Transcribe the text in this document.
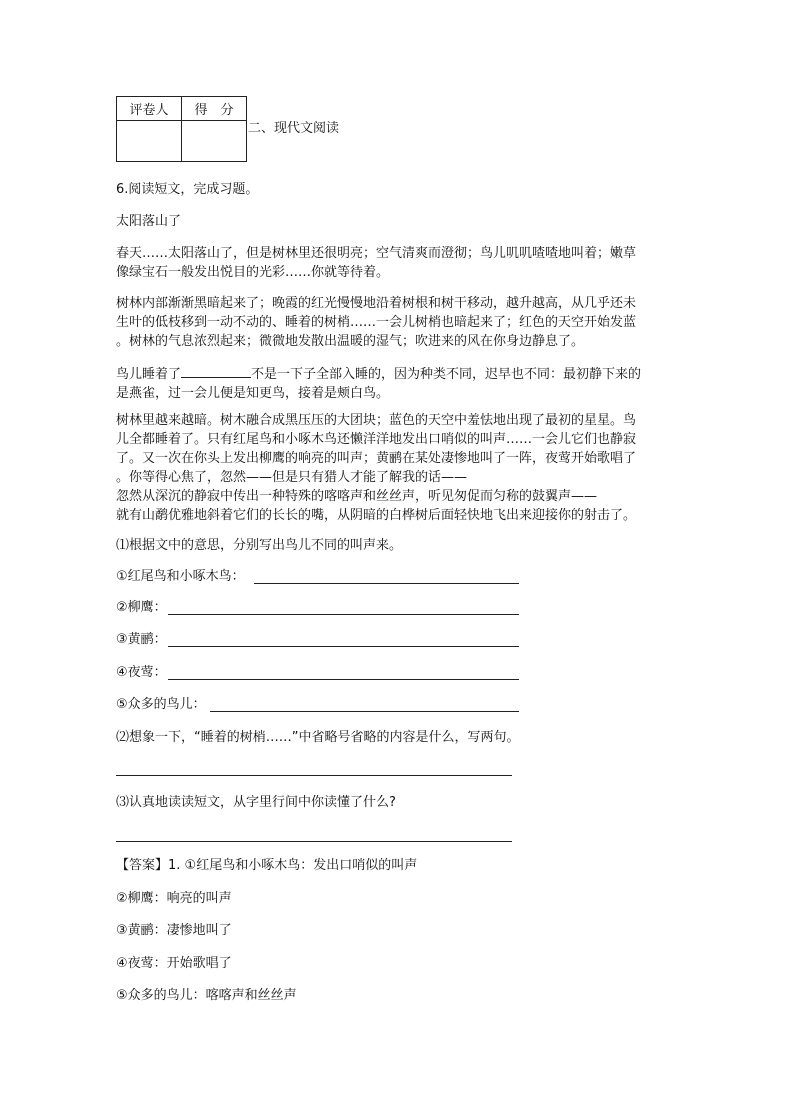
评卷人	得　分

二、现代文阅读
6.阅读短文，完成习题。
太阳落山了
春天……太阳落山了，但是树林里还很明亮；空气清爽而澄彻；鸟儿叽叽喳喳地叫着；嫩草
像绿宝石一般发出悦目的光彩……你就等待着。
树林内部渐渐黑暗起来了；晚霞的红光慢慢地沿着树根和树干移动，越升越高，从几乎还未
生叶的低枝移到一动不动的、睡着的树梢……一会儿树梢也暗起来了；红色的天空开始发蓝
。树林的气息浓烈起来；微微地发散出温暖的湿气；吹进来的风在你身边静息了。
鸟儿睡着了	不是一下子全部入睡的，因为种类不同，迟早也不同：最初静下来的
是燕雀，过一会儿便是知更鸟，接着是颊白鸟。
树林里越来越暗。树木融合成黑压压的大团块；蓝色的天空中羞怯地出现了最初的星星。鸟
儿全都睡着了。只有红尾鸟和小啄木鸟还懒洋洋地发出口哨似的叫声……一会儿它们也静寂
了。又一次在你头上发出柳鹰的响亮的叫声；黄鹂在某处凄惨地叫了一阵，夜莺开始歌唱了
。你等得心焦了，忽然——但是只有猎人才能了解我的话——
忽然从深沉的静寂中传出一种特殊的喀喀声和丝丝声，听见匆促而匀称的鼓翼声——
就有山鹬优雅地斜着它们的长长的嘴，从阴暗的白桦树后面轻快地飞出来迎接你的射击了。
⑴根据文中的意思，分别写出鸟儿不同的叫声来。
①红尾鸟和小啄木鸟：
②柳鹰：
③黄鹂：
④夜莺：
⑤众多的鸟儿：
⑵想象一下，“睡着的树梢……”中省略号省略的内容是什么，写两句。
⑶认真地读读短文，从字里行间中你读懂了什么?
【答案】1. ①红尾鸟和小啄木鸟：发出口哨似的叫声
②柳鹰：响亮的叫声
③黄鹂：凄惨地叫了
④夜莺：开始歌唱了
⑤众多的鸟儿：喀喀声和丝丝声
